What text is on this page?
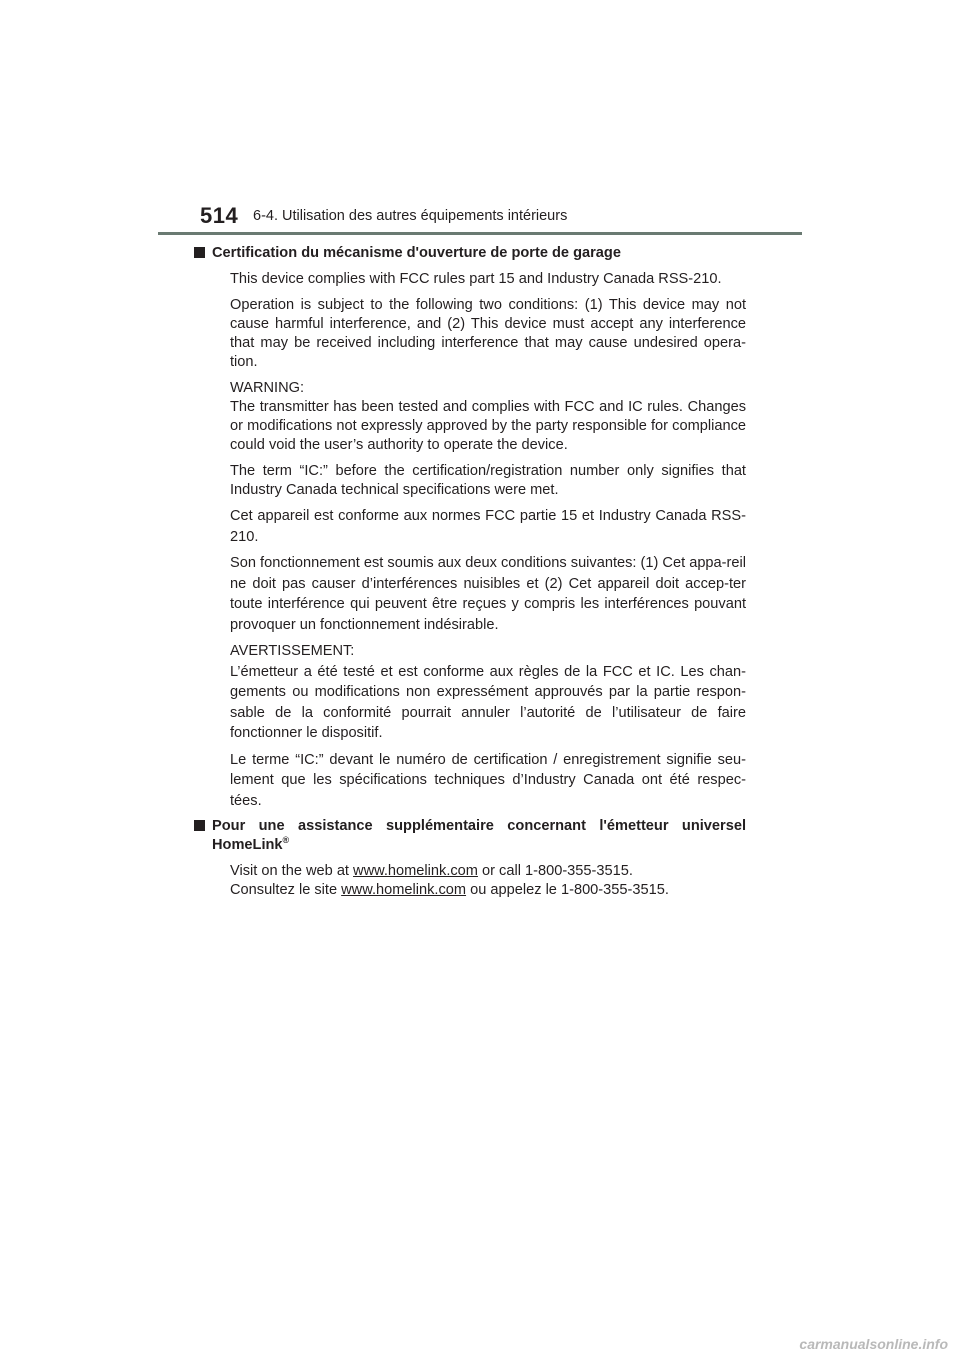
514 6-4. Utilisation des autres équipements intérieurs
Certification du mécanisme d'ouverture de porte de garage

This device complies with FCC rules part 15 and Industry Canada RSS-210.

Operation is subject to the following two conditions: (1) This device may not cause harmful interference, and (2) This device must accept any interference that may be received including interference that may cause undesired opera-tion.

WARNING:

The transmitter has been tested and complies with FCC and IC rules. Changes or modifications not expressly approved by the party responsible for compliance could void the user’s authority to operate the device.

The term “IC:” before the certification/registration number only signifies that Industry Canada technical specifications were met.

Cet appareil est conforme aux normes FCC partie 15 et Industry Canada RSS-210.

Son fonctionnement est soumis aux deux conditions suivantes: (1) Cet appa-reil ne doit pas causer d’interférences nuisibles et (2) Cet appareil doit accep-ter toute interférence qui peuvent être reçues y compris les interférences pouvant provoquer un fonctionnement indésirable.

AVERTISSEMENT:

L’émetteur a été testé et est conforme aux règles de la FCC et IC. Les chan-gements ou modifications non expressément approuvés par la partie respon-sable de la conformité pourrait annuler l’autorité de l’utilisateur de faire fonctionner le dispositif.

Le terme “IC:” devant le numéro de certification / enregistrement signifie seu-lement que les spécifications techniques d’Industry Canada ont été respec-tées.

Pour une assistance supplémentaire concernant l'émetteur universel HomeLink®

Visit on the web at www.homelink.com or call 1-800-355-3515.

Consultez le site www.homelink.com ou appelez le 1-800-355-3515.

carmanualsonline.info
